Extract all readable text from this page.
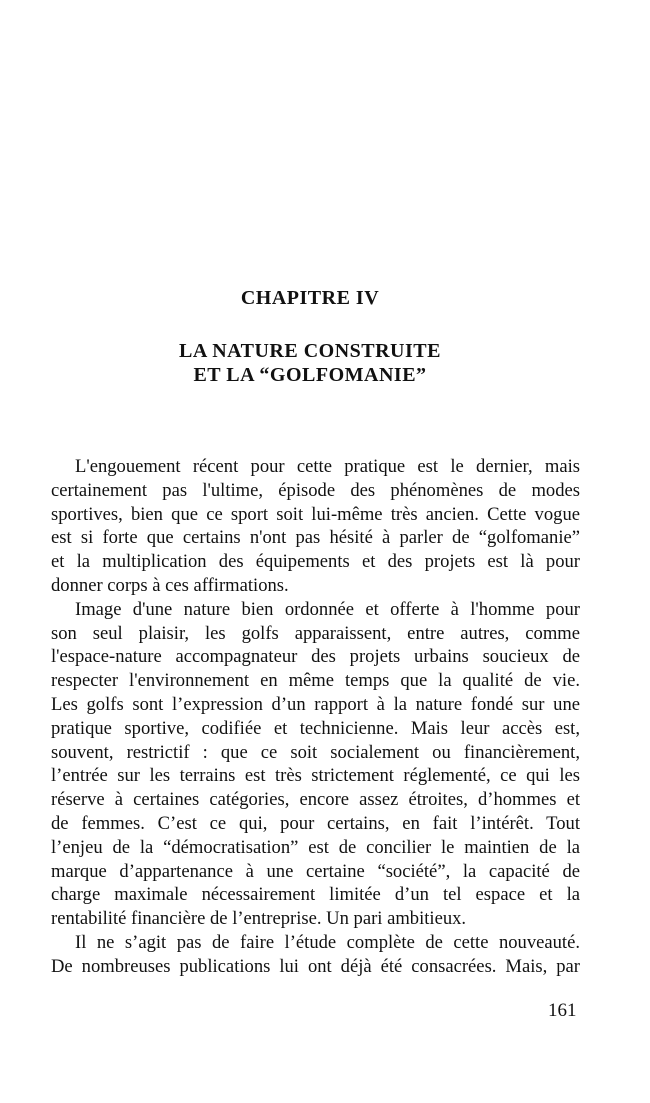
CHAPITRE IV
LA NATURE CONSTRUITE
ET LA “GOLFOMANIE”
L'engouement récent pour cette pratique est le dernier, mais
certainement pas l'ultime, épisode des phénomènes de modes
sportives, bien que ce sport soit lui-même très ancien. Cette vogue
est si forte que certains n'ont pas hésité à parler de “golfomanie”
et la multiplication des équipements et des projets est là pour
donner corps à ces affirmations.
Image d'une nature bien ordonnée et offerte à l'homme pour
son seul plaisir, les golfs apparaissent, entre autres, comme
l'espace-nature accompagnateur des projets urbains soucieux de
respecter l'environnement en même temps que la qualité de vie.
Les golfs sont l’expression d’un rapport à la nature fondé sur une
pratique sportive, codifiée et technicienne. Mais leur accès est,
souvent, restrictif : que ce soit socialement ou financièrement,
l’entrée sur les terrains est très strictement réglementé, ce qui les
réserve à certaines catégories, encore assez étroites, d’hommes et
de femmes. C’est ce qui, pour certains, en fait l’intérêt. Tout
l’enjeu de la “démocratisation” est de concilier le maintien de la
marque d’appartenance à une certaine “société”, la capacité de
charge maximale nécessairement limitée d’un tel espace et la
rentabilité financière de l’entreprise. Un pari ambitieux.
Il ne s’agit pas de faire l’étude complète de cette nouveauté.
De nombreuses publications lui ont déjà été consacrées. Mais, par
161
